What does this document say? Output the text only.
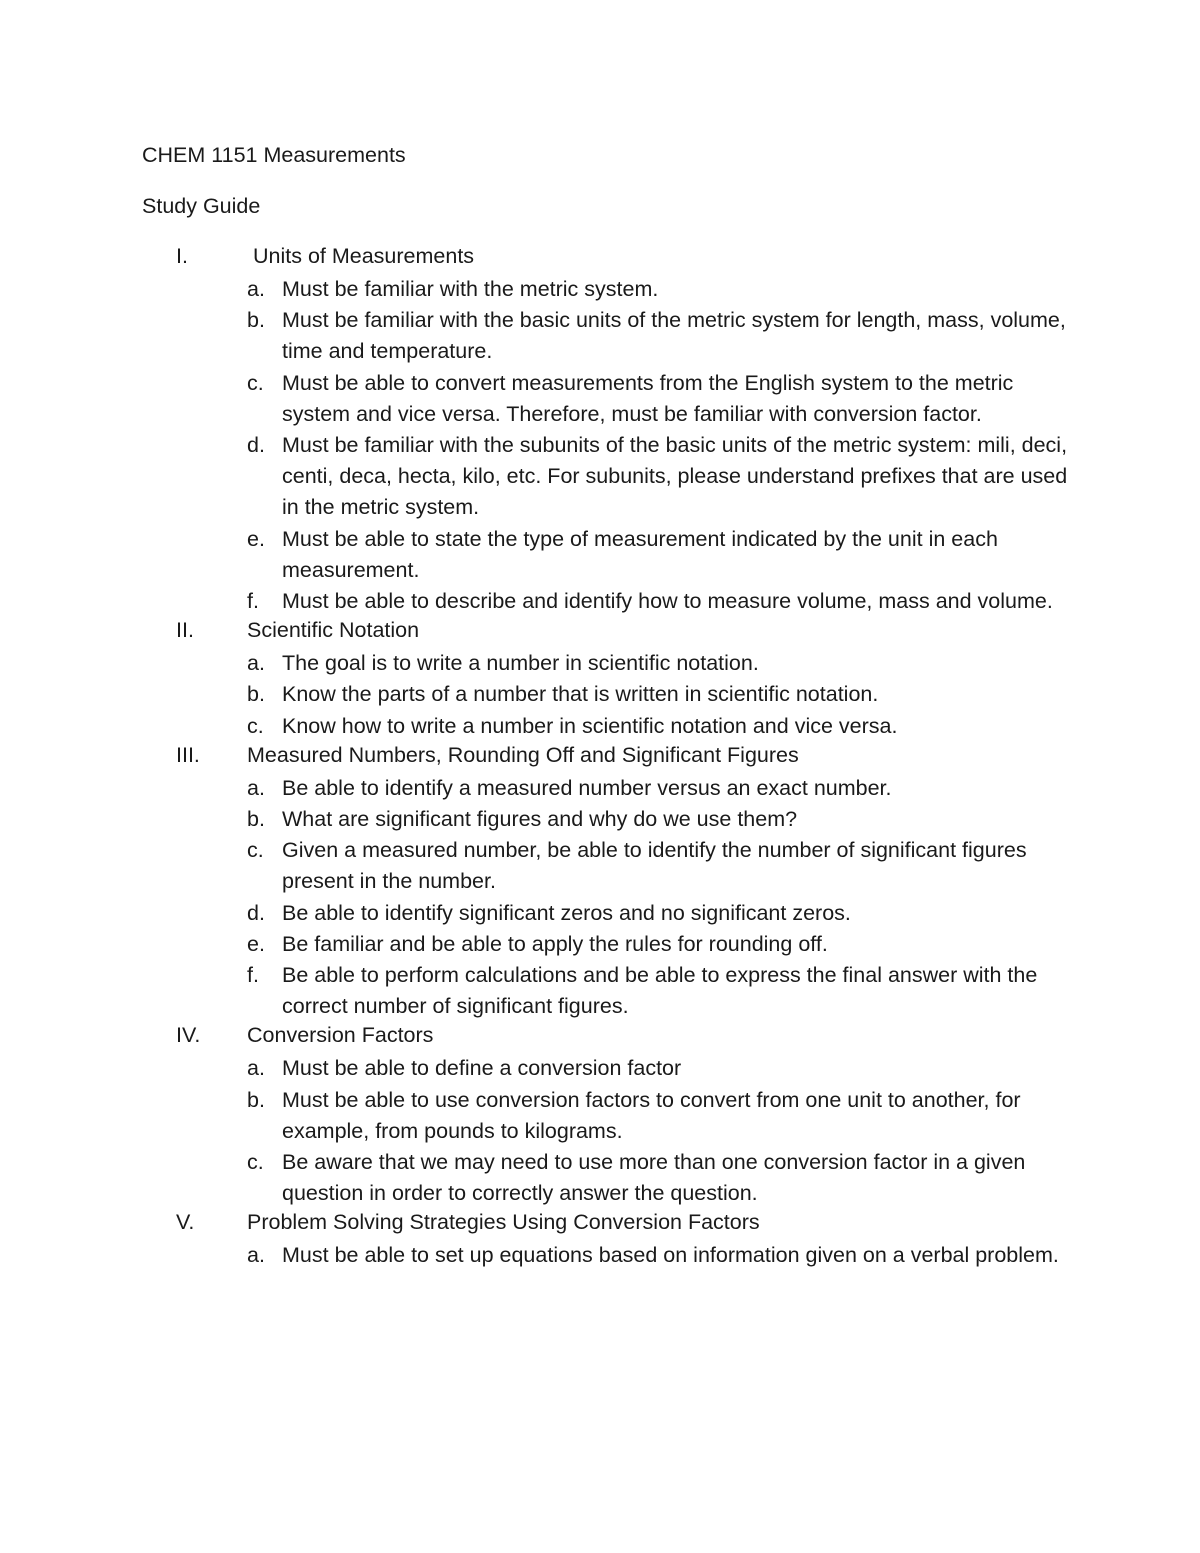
CHEM 1151 Measurements
Study Guide
I.	Units of Measurements
a. Must be familiar with the metric system.
b. Must be familiar with the basic units of the metric system for length, mass, volume, time and temperature.
c. Must be able to convert measurements from the English system to the metric system and vice versa. Therefore, must be familiar with conversion factor.
d. Must be familiar with the subunits of the basic units of the metric system: mili, deci, centi, deca, hecta, kilo, etc. For subunits, please understand prefixes that are used in the metric system.
e. Must be able to state the type of measurement indicated by the unit in each measurement.
f. Must be able to describe and identify how to measure volume, mass and volume.
II. Scientific Notation
a. The goal is to write a number in scientific notation.
b. Know the parts of a number that is written in scientific notation.
c. Know how to write a number in scientific notation and vice versa.
III. Measured Numbers, Rounding Off and Significant Figures
a. Be able to identify a measured number versus an exact number.
b. What are significant figures and why do we use them?
c. Given a measured number, be able to identify the number of significant figures present in the number.
d. Be able to identify significant zeros and no significant zeros.
e. Be familiar and be able to apply the rules for rounding off.
f. Be able to perform calculations and be able to express the final answer with the correct number of significant figures.
IV. Conversion Factors
a. Must be able to define a conversion factor
b. Must be able to use conversion factors to convert from one unit to another, for example, from pounds to kilograms.
c. Be aware that we may need to use more than one conversion factor in a given question in order to correctly answer the question.
V. Problem Solving Strategies Using Conversion Factors
a. Must be able to set up equations based on information given on a verbal problem.
